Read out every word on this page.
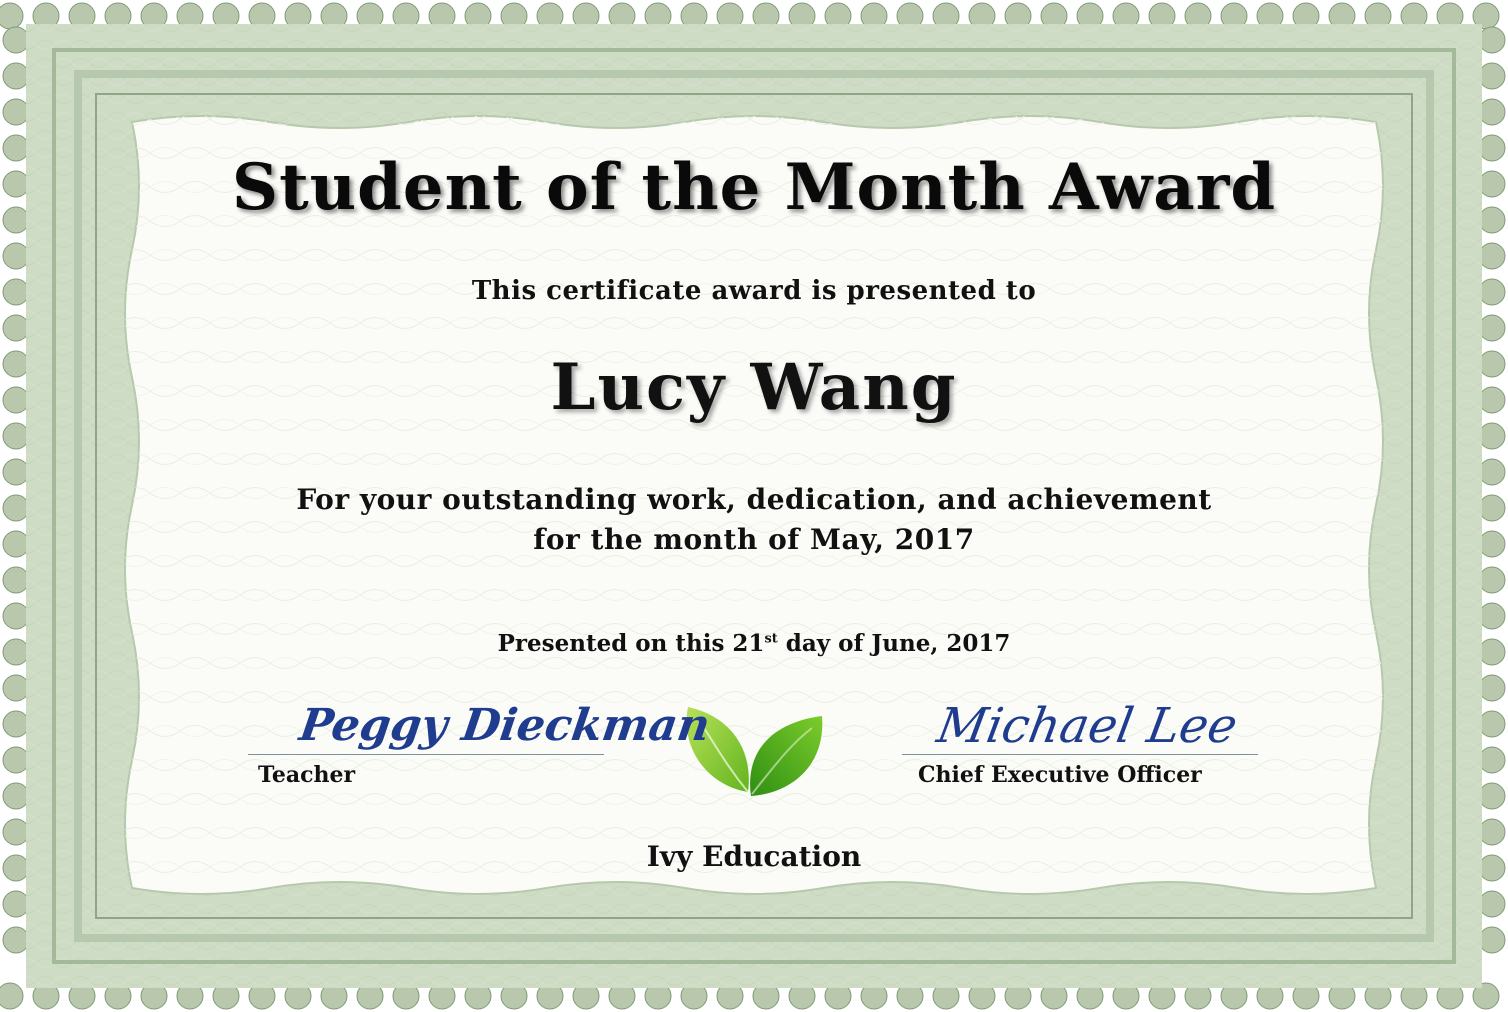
Student of the Month Award
This certificate award is presented to
Lucy Wang
For your outstanding work, dedication, and achievement
for the month of May, 2017
Presented on this 21st day of June, 2017
Peggy Dieckman
Teacher
Michael Lee
Chief Executive Officer
Ivy Education
